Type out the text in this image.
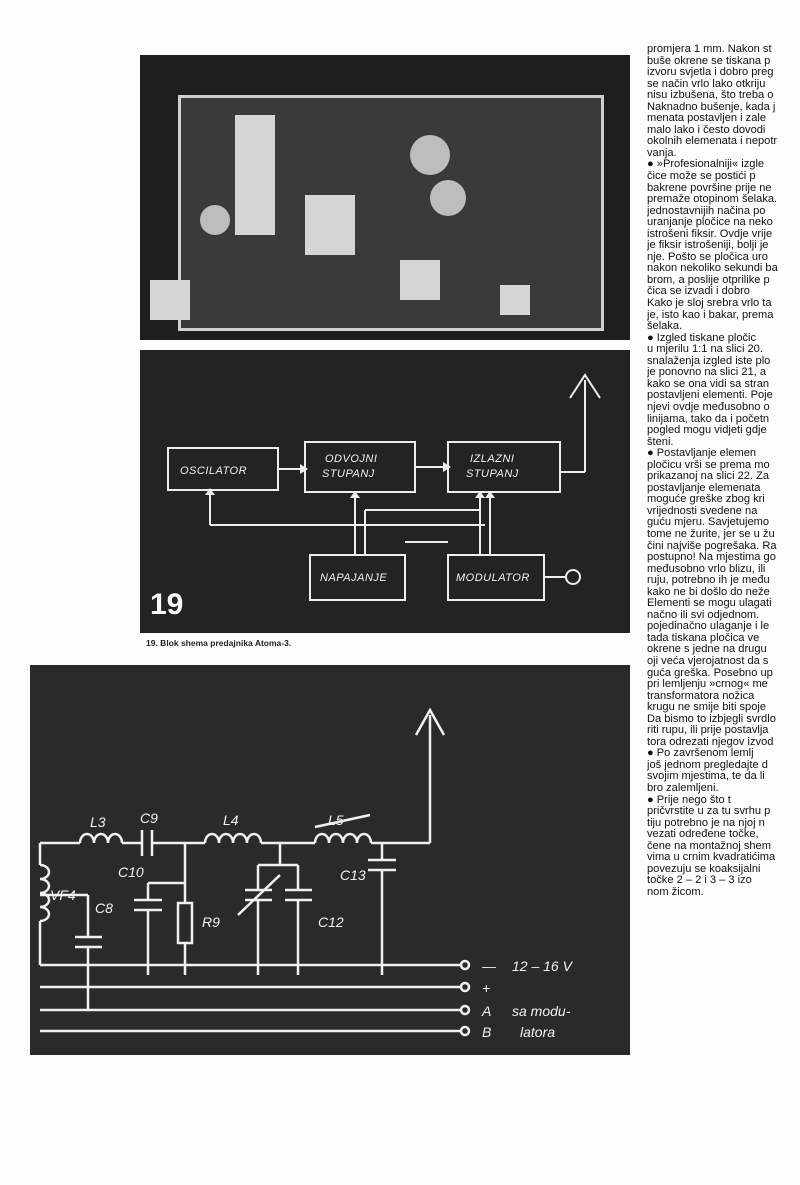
OSCILATOR
ODVOJNI
STUPANJ
IZLAZNI
STUPANJ
NAPAJANJE	MODULATOR
19
19. Blok shema predajnika Atoma-3.
L3 C9	L4	L5
VF4
C8
C10
R9	C12
C13
— 12 – 16 V
+
A sa modu-
B latora

promjera 1 mm. Nakon st

buše okrene se tiskana p

izvoru svjetla i dobro preg

se način vrlo lako otkriju

nisu izbušena, što treba o

Naknadno bušenje, kada j

menata postavljen i zale

malo lako i često dovodi

okolnih elemenata i nepotr

vanja.

● »Profesionalniji« izgle

čice može se postići p

bakrene površine prije ne

premaže otopinom šelaka.

jednostavnijih načina po

uranjanje pločice na neko

istrošeni fiksir. Ovdje vrije

je fiksir istrošeniji, bolji je

nje. Pošto se pločica uro

nakon nekoliko sekundi ba

brom, a poslije otprilike p

čica se izvadi i dobro

Kako je sloj srebra vrlo ta

je, isto kao i bakar, prema

šelaka.

● Izgled tiskane pločic

u mjerilu 1:1 na slici 20.

snalaženja izgled iste plo

je ponovno na slici 21, a

kako se ona vidi sa stran

postavljeni elementi. Poje

njevi ovdje međusobno o

linijama, tako da i početn

pogled mogu vidjeti gdje

šteni.

● Postavljanje elemen

pločicu vrši se prema mo

prikazanoj na slici 22. Za

postavljanje elemenata

moguće greške zbog kri

vrijednosti svedene na

guću mjeru. Savjetujemo

tome ne žurite, jer se u žu

čini najviše pogrešaka. Ra

postupno! Na mjestima go

međusobno vrlo blizu, ili

ruju, potrebno ih je među

kako ne bi došlo do neže

Elementi se mogu ulagati

načno ili svi odjednom.

pojedinačno ulaganje i le

tada tiskana pločica ve

okrene s jedne na drugu

oji veća vjerojatnost da s

guća greška. Posebno up

pri lemljenju »crnog« me

transformatora nožica

krugu ne smije biti spoje

Da bismo to izbjegli svrdlo

riti rupu, ili prije postavlja

tora odrezati njegov izvod

● Po završenom lemlj

još jednom pregledajte d

svojim mjestima, te da li

bro zalemljeni.

● Prije nego što t

pričvrstite u za tu svrhu p

tiju potrebno je na njoj n

vezati određene točke,

čene na montažnoj shem

vima u crnim kvadratićima

povezuju se koaksijalni

točke 2 – 2 i 3 – 3 izo

nom žicom.
